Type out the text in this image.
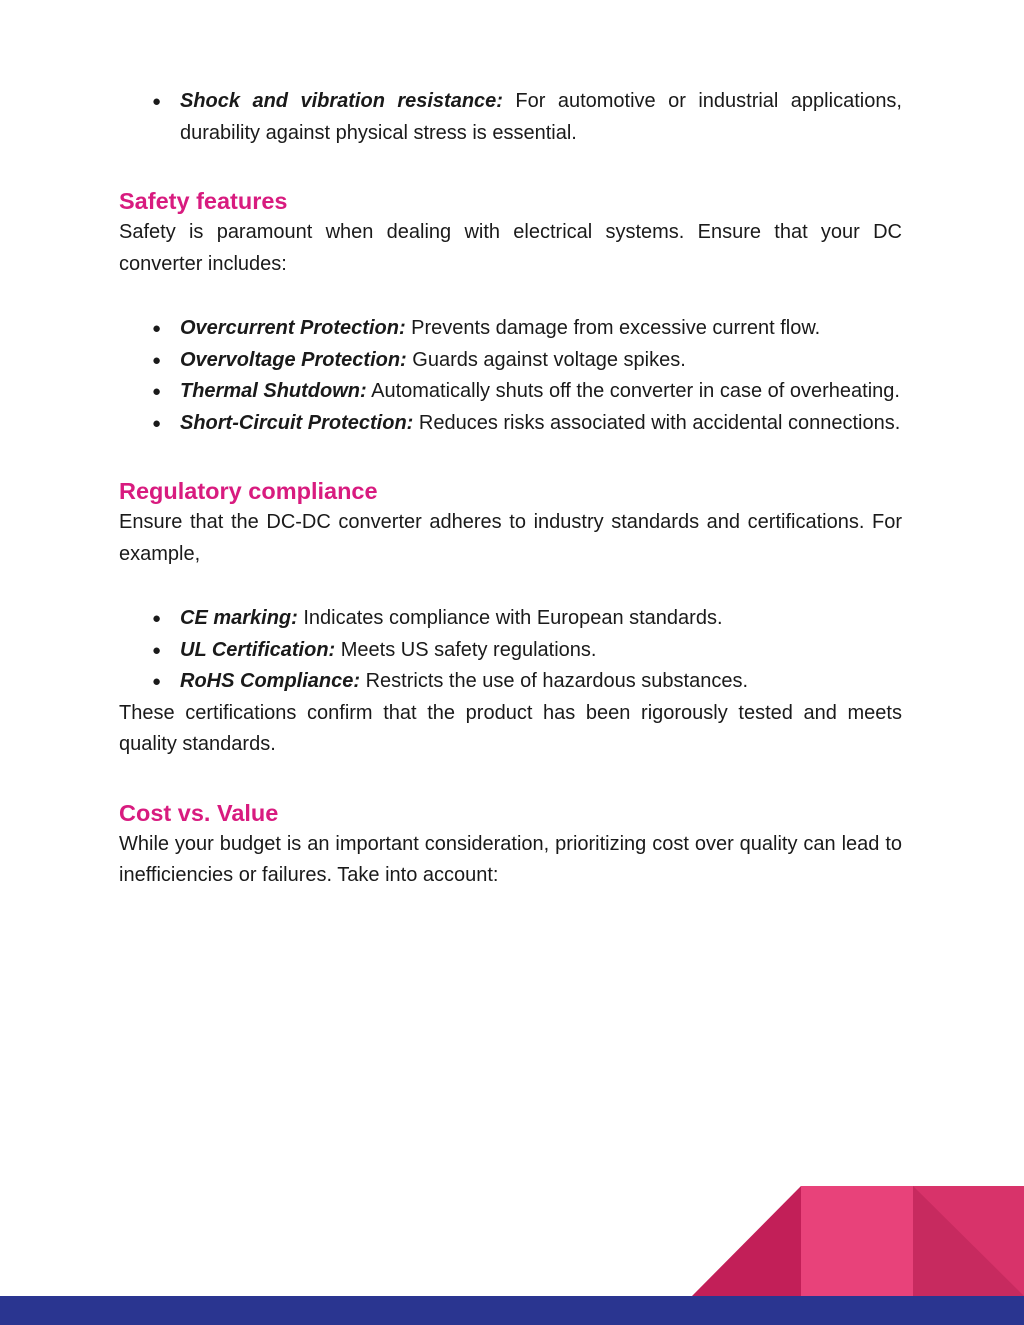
● Shock and vibration resistance: For automotive or industrial applications, durability against physical stress is essential.
Safety features

Safety is paramount when dealing with electrical systems. Ensure that your DC converter includes:

● Overcurrent Protection: Prevents damage from excessive current flow.
● Overvoltage Protection: Guards against voltage spikes.
● Thermal Shutdown: Automatically shuts off the converter in case of overheating.
● Short-Circuit Protection: Reduces risks associated with accidental connections.
Regulatory compliance

Ensure that the DC-DC converter adheres to industry standards and certifications. For example,

● CE marking: Indicates compliance with European standards.
● UL Certification: Meets US safety regulations.
● RoHS Compliance: Restricts the use of hazardous substances.

These certifications confirm that the product has been rigorously tested and meets quality standards.

Cost vs. Value

While your budget is an important consideration, prioritizing cost over quality can lead to inefficiencies or failures. Take into account:
